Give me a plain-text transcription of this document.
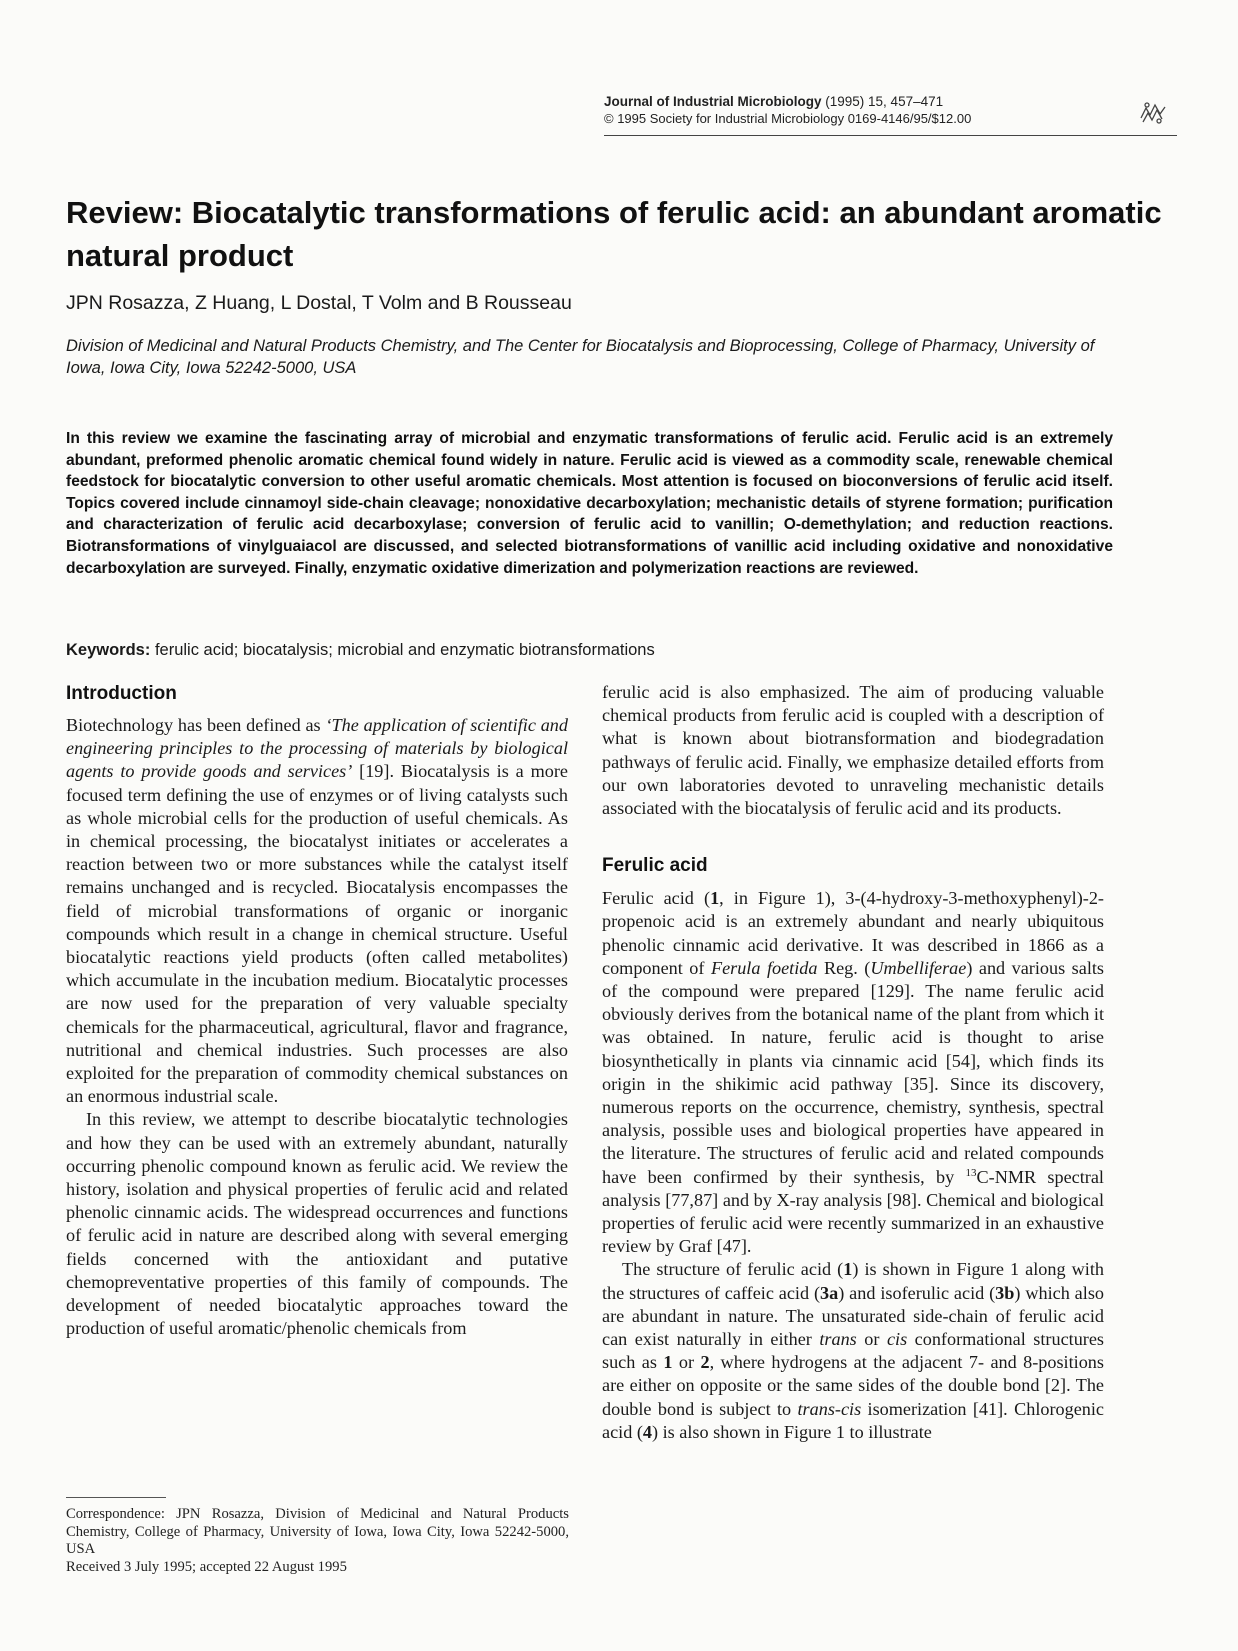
Journal of Industrial Microbiology (1995) 15, 457–471
© 1995 Society for Industrial Microbiology 0169-4146/95/$12.00
Review: Biocatalytic transformations of ferulic acid: an abundant aromatic natural product
JPN Rosazza, Z Huang, L Dostal, T Volm and B Rousseau
Division of Medicinal and Natural Products Chemistry, and The Center for Biocatalysis and Bioprocessing, College of Pharmacy, University of Iowa, Iowa City, Iowa 52242-5000, USA
In this review we examine the fascinating array of microbial and enzymatic transformations of ferulic acid. Ferulic acid is an extremely abundant, preformed phenolic aromatic chemical found widely in nature. Ferulic acid is viewed as a commodity scale, renewable chemical feedstock for biocatalytic conversion to other useful aromatic chemicals. Most attention is focused on bioconversions of ferulic acid itself. Topics covered include cinnamoyl side-chain cleavage; nonoxidative decarboxylation; mechanistic details of styrene formation; purification and characterization of ferulic acid decarboxylase; conversion of ferulic acid to vanillin; O-demethylation; and reduction reactions. Biotransformations of vinylguaiacol are discussed, and selected biotransformations of vanillic acid including oxidative and nonoxidative decarboxylation are surveyed. Finally, enzymatic oxidative dimerization and polymerization reactions are reviewed.
Keywords: ferulic acid; biocatalysis; microbial and enzymatic biotransformations
Introduction

Biotechnology has been defined as ‘The application of scientific and engineering principles to the processing of materials by biological agents to provide goods and services’ [19]. Biocatalysis is a more focused term defining the use of enzymes or of living catalysts such as whole microbial cells for the production of useful chemicals. As in chemical processing, the biocatalyst initiates or accelerates a reaction between two or more substances while the catalyst itself remains unchanged and is recycled. Biocatalysis encompasses the field of microbial transformations of organic or inorganic compounds which result in a change in chemical structure. Useful biocatalytic reactions yield products (often called metabolites) which accumulate in the incubation medium. Biocatalytic processes are now used for the preparation of very valuable specialty chemicals for the pharmaceutical, agricultural, flavor and fragrance, nutritional and chemical industries. Such processes are also exploited for the preparation of commodity chemical substances on an enormous industrial scale.

In this review, we attempt to describe biocatalytic technologies and how they can be used with an extremely abundant, naturally occurring phenolic compound known as ferulic acid. We review the history, isolation and physical properties of ferulic acid and related phenolic cinnamic acids. The widespread occurrences and functions of ferulic acid in nature are described along with several emerging fields concerned with the antioxidant and putative chemopreventative properties of this family of compounds. The development of needed biocatalytic approaches toward the production of useful aromatic/phenolic chemicals from

ferulic acid is also emphasized. The aim of producing valuable chemical products from ferulic acid is coupled with a description of what is known about biotransformation and biodegradation pathways of ferulic acid. Finally, we emphasize detailed efforts from our own laboratories devoted to unraveling mechanistic details associated with the biocatalysis of ferulic acid and its products.

Ferulic acid

Ferulic acid (1, in Figure 1), 3-(4-hydroxy-3-methoxyphenyl)-2-propenoic acid is an extremely abundant and nearly ubiquitous phenolic cinnamic acid derivative. It was described in 1866 as a component of Ferula foetida Reg. (Umbelliferae) and various salts of the compound were prepared [129]. The name ferulic acid obviously derives from the botanical name of the plant from which it was obtained. In nature, ferulic acid is thought to arise biosynthetically in plants via cinnamic acid [54], which finds its origin in the shikimic acid pathway [35]. Since its discovery, numerous reports on the occurrence, chemistry, synthesis, spectral analysis, possible uses and biological properties have appeared in the literature. The structures of ferulic acid and related compounds have been confirmed by their synthesis, by $^{13}$C-NMR spectral analysis [77,87] and by X-ray analysis [98]. Chemical and biological properties of ferulic acid were recently summarized in an exhaustive review by Graf [47].

The structure of ferulic acid (1) is shown in Figure 1 along with the structures of caffeic acid (3a) and isoferulic acid (3b) which also are abundant in nature. The unsaturated side-chain of ferulic acid can exist naturally in either trans or cis conformational structures such as 1 or 2, where hydrogens at the adjacent 7- and 8-positions are either on opposite or the same sides of the double bond [2]. The double bond is subject to trans-cis isomerization [41]. Chlorogenic acid (4) is also shown in Figure 1 to illustrate

Correspondence: JPN Rosazza, Division of Medicinal and Natural Products Chemistry, College of Pharmacy, University of Iowa, Iowa City, Iowa 52242-5000, USA
Received 3 July 1995; accepted 22 August 1995
